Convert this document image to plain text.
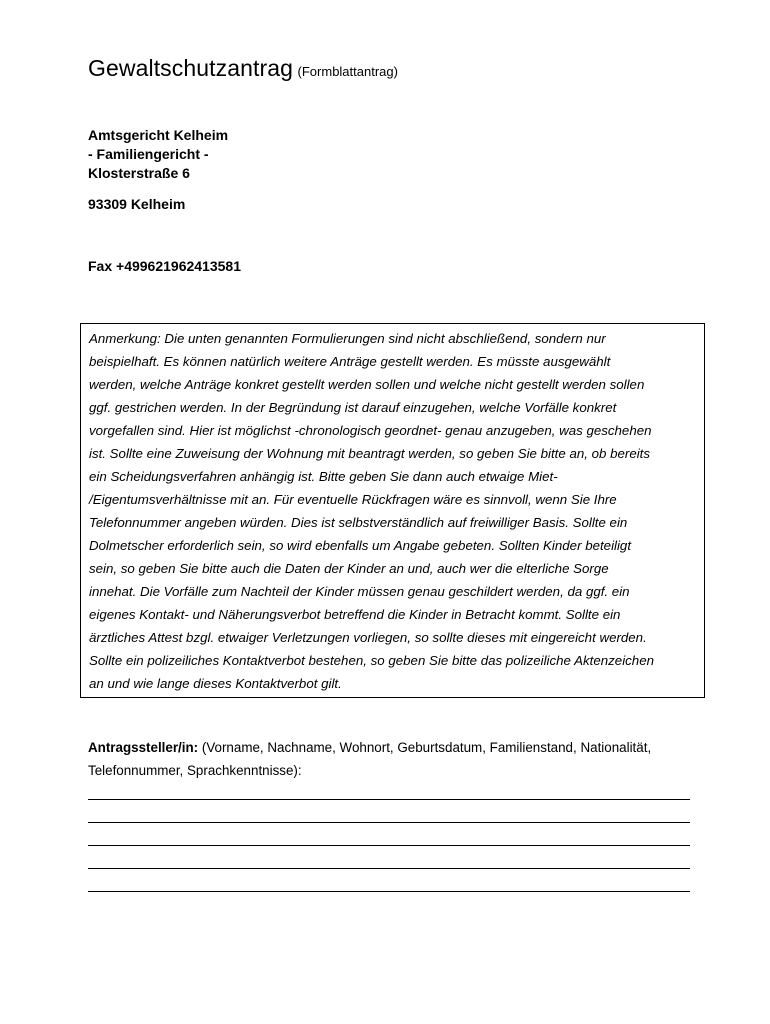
Gewaltschutzantrag (Formblattantrag)
Amtsgericht Kelheim
- Familiengericht -
Klosterstraße 6
93309 Kelheim
Fax +499621962413581
Anmerkung: Die unten genannten Formulierungen sind nicht abschließend, sondern nur
beispielhaft. Es können natürlich weitere Anträge gestellt werden. Es müsste ausgewählt
werden, welche Anträge konkret gestellt werden sollen und welche nicht gestellt werden sollen
ggf. gestrichen werden. In der Begründung ist darauf einzugehen, welche Vorfälle konkret
vorgefallen sind. Hier ist möglichst -chronologisch geordnet- genau anzugeben, was geschehen
ist. Sollte eine Zuweisung der Wohnung mit beantragt werden, so geben Sie bitte an, ob bereits
ein Scheidungsverfahren anhängig ist. Bitte geben Sie dann auch etwaige Miet-
/Eigentumsverhältnisse mit an. Für eventuelle Rückfragen wäre es sinnvoll, wenn Sie Ihre
Telefonnummer angeben würden. Dies ist selbstverständlich auf freiwilliger Basis. Sollte ein
Dolmetscher erforderlich sein, so wird ebenfalls um Angabe gebeten. Sollten Kinder beteiligt
sein, so geben Sie bitte auch die Daten der Kinder an und, auch wer die elterliche Sorge
innehat. Die Vorfälle zum Nachteil der Kinder müssen genau geschildert werden, da ggf. ein
eigenes Kontakt- und Näherungsverbot betreffend die Kinder in Betracht kommt. Sollte ein
ärztliches Attest bzgl. etwaiger Verletzungen vorliegen, so sollte dieses mit eingereicht werden.
Sollte ein polizeiliches Kontaktverbot bestehen, so geben Sie bitte das polizeiliche Aktenzeichen
an und wie lange dieses Kontaktverbot gilt.
Antragssteller/in: (Vorname, Nachname, Wohnort, Geburtsdatum, Familienstand, Nationalität,
Telefonnummer, Sprachkenntnisse):
